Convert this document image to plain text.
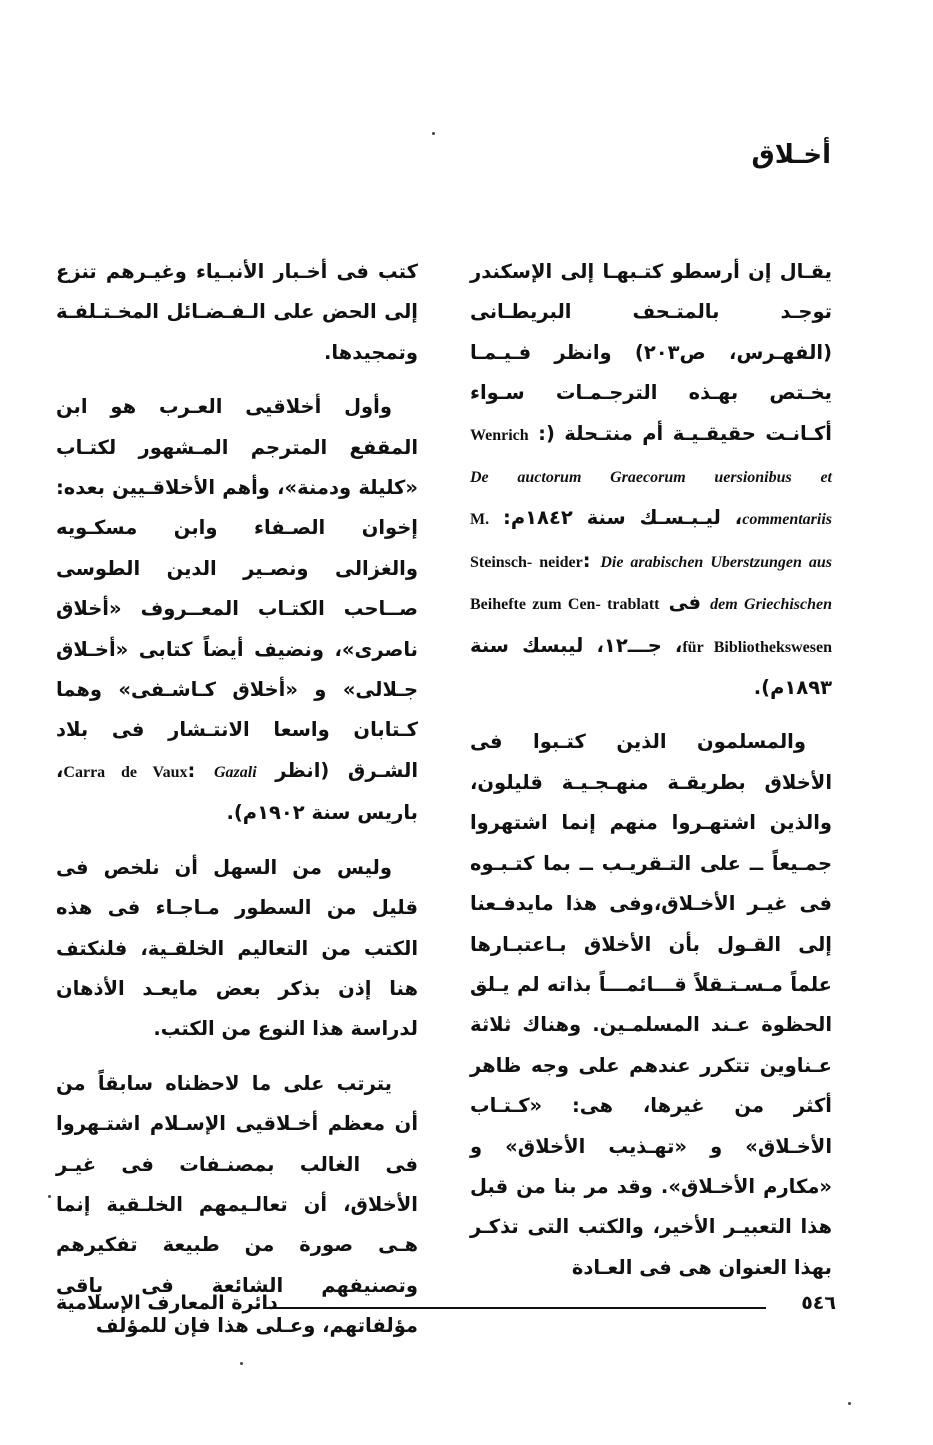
أخـلاق

يقـال إن أرسطو كتـبهـا إلى الإسكندر توجـد بالمتـحف البريطـانى (الفهـرس، ص٢٠٣) وانظر فـيـمـا يخـتص بهـذه الترجـمـات سـواء أكـانـت حقيقـيـة أم منتـحلة (Wenrich : De auctorum Graecorum uersionibus et commentariis، ليـبـسـك سنة ١٨٤٢م: M. Steinsch- neider: Die arabischen Uberstzungen aus dem Griechischen فى Beihefte zum Cen- trablatt für Bibliothekswesen، جـــ١٢، ليبسك سنة ١٨٩٣م).

والمسلمون الذين كتـبوا فى الأخلاق بطريقـة منهـجـيـة قليلون، والذين اشتهـروا منهم إنما اشتهروا جمـيعاً ــ على التـقريـب ــ بما كتـبـوه فى غيـر الأخـلاق،وفى هذا مايدفـعنا إلى القـول بأن الأخلاق بـاعتبـارها علماً مـسـتـقلاً قـــائمـــاً بذاته لم يـلق الحظوة عـند المسلمـين. وهناك ثلاثة عـناوين تتكرر عندهم على وجه ظاهر أكثر من غيرها، هى: «كـتـاب الأخـلاق» و «تهـذيب الأخلاق» و «مكارم الأخـلاق». وقد مر بنا من قبل هذا التعبيـر الأخير، والكتب التى تذكـر بهذا العنوان هى فى العـادة

كتب فى أخـبار الأنبـياء وغيـرهم تنزع إلى الحض على الـفـضـائل المخـتـلفـة وتمجيدها.

وأول أخلاقيى العـرب هو ابن المقفع المترجم المـشهور لكتـاب «كليلة ودمنة»، وأهم الأخلاقـيين بعده: إخوان الصـفاء وابن مسكـويه والغزالى ونصـير الدين الطوسى صــاحب الكتـاب المعــروف «أخلاق ناصرى»، ونضيف أيضاً كتابى «أخـلاق جـلالى» و «أخلاق كـاشـفى» وهما كـتابان واسعا الانتـشار فى بلاد الشـرق (انظر Carra de Vaux: Gazali، باريس سنة ١٩٠٢م).

وليس من السهل أن نلخص فى قليل من السطور مـاجـاء فى هذه الكتب من التعاليم الخلقـية، فلنكتف هنا إذن بذكر بعض مايعـد الأذهان لدراسة هذا النوع من الكتب.

يترتب على ما لاحظناه سابقاً من أن معظم أخـلاقيى الإسـلام اشتـهروا فى الغالب بمصنـفات فى غيـر الأخلاق، أن تعالـيمهم الخلـقية إنما هـى صورة من طبيعة تفكيرهم وتصنيفهم الشائعة فى باقى مؤلفاتهم، وعـلى هذا فإن للمؤلف

دائرة المعارف الإسلامية	٥٤٦
